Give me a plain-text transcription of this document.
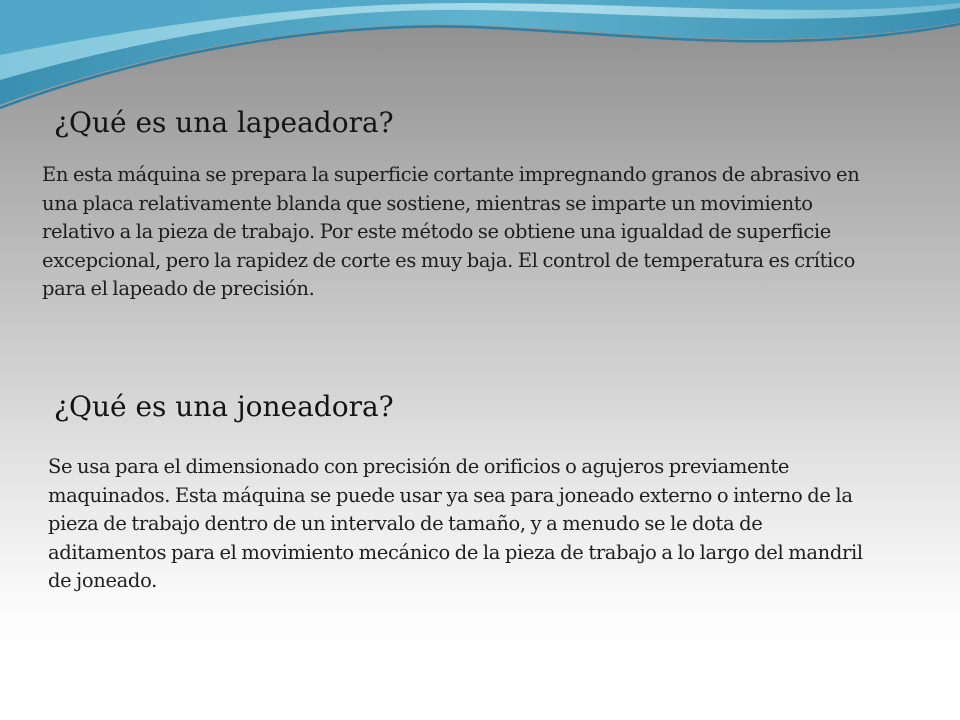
¿Qué es una lapeadora?

En esta máquina se prepara la superficie cortante impregnando granos de abrasivo en una placa relativamente blanda que sostiene, mientras se imparte un movimiento relativo a la pieza de trabajo. Por este método se obtiene una igualdad de superficie excepcional, pero la rapidez de corte es muy baja. El control de temperatura es crítico para el lapeado de precisión.

¿Qué es una joneadora?

Se usa para el dimensionado con precisión de orificios o agujeros previamente maquinados. Esta máquina se puede usar ya sea para joneado externo o interno de la pieza de trabajo dentro de un intervalo de tamaño, y a menudo se le dota de aditamentos para el movimiento mecánico de la pieza de trabajo a lo largo del mandril de joneado.
